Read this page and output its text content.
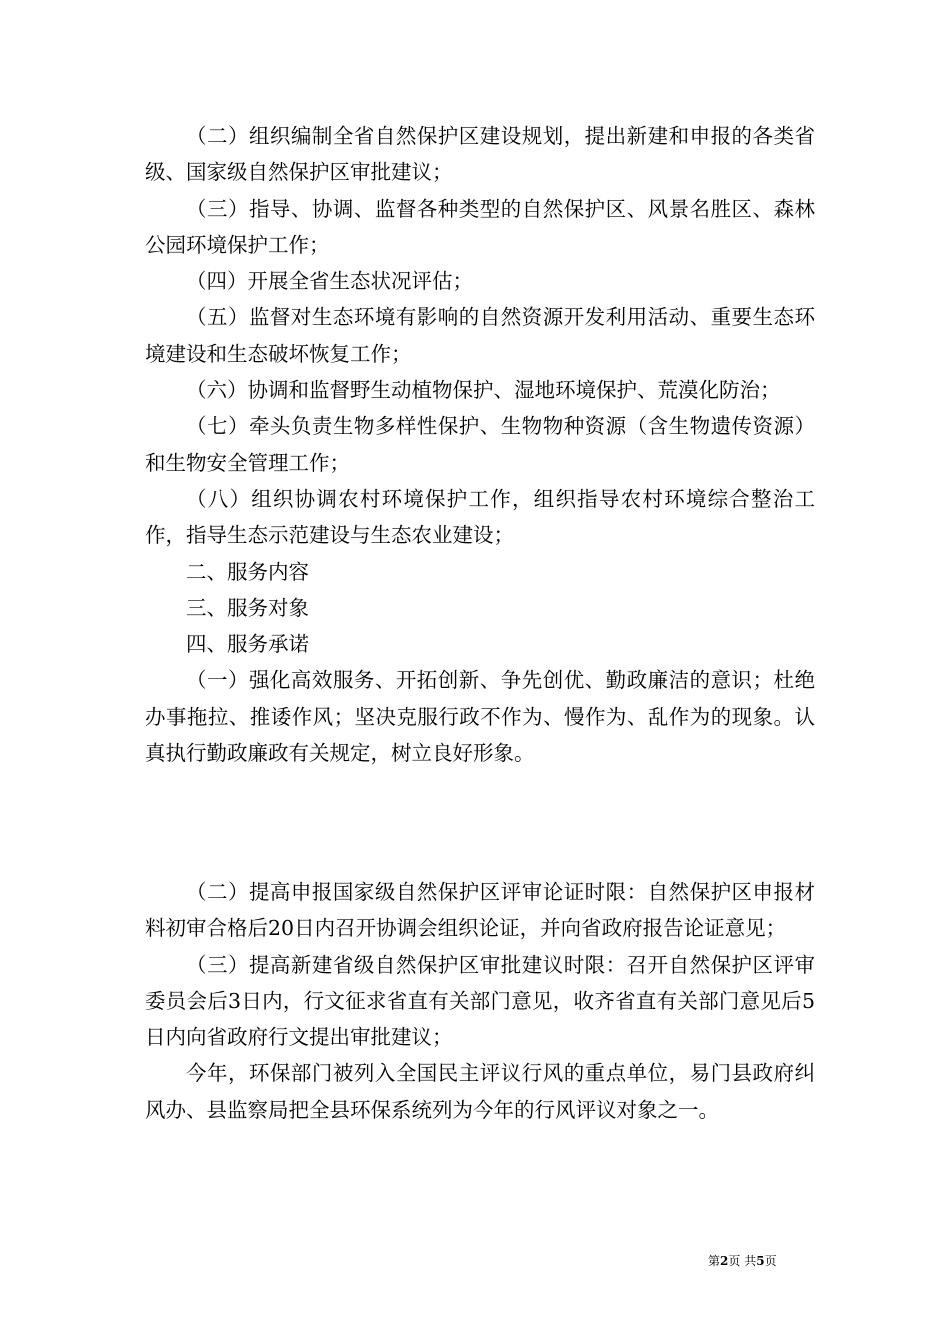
（二）组织编制全省自然保护区建设规划，提出新建和申报的各类省级、国家级自然保护区审批建议；

（三）指导、协调、监督各种类型的自然保护区、风景名胜区、森林公园环境保护工作；

（四）开展全省生态状况评估；

（五）监督对生态环境有影响的自然资源开发利用活动、重要生态环境建设和生态破坏恢复工作；

（六）协调和监督野生动植物保护、湿地环境保护、荒漠化防治；

（七）牵头负责生物多样性保护、生物物种资源（含生物遗传资源）和生物安全管理工作；

（八）组织协调农村环境保护工作，组织指导农村环境综合整治工作，指导生态示范建设与生态农业建设；

二、服务内容

三、服务对象

四、服务承诺

（一）强化高效服务、开拓创新、争先创优、勤政廉洁的意识；杜绝办事拖拉、推诿作风；坚决克服行政不作为、慢作为、乱作为的现象。认真执行勤政廉政有关规定，树立良好形象。

（二）提高申报国家级自然保护区评审论证时限：自然保护区申报材料初审合格后20日内召开协调会组织论证，并向省政府报告论证意见；

（三）提高新建省级自然保护区审批建议时限：召开自然保护区评审委员会后3日内，行文征求省直有关部门意见，收齐省直有关部门意见后5日内向省政府行文提出审批建议；

今年，环保部门被列入全国民主评议行风的重点单位，易门县政府纠风办、县监察局把全县环保系统列为今年的行风评议对象之一。

第2页 共5页
